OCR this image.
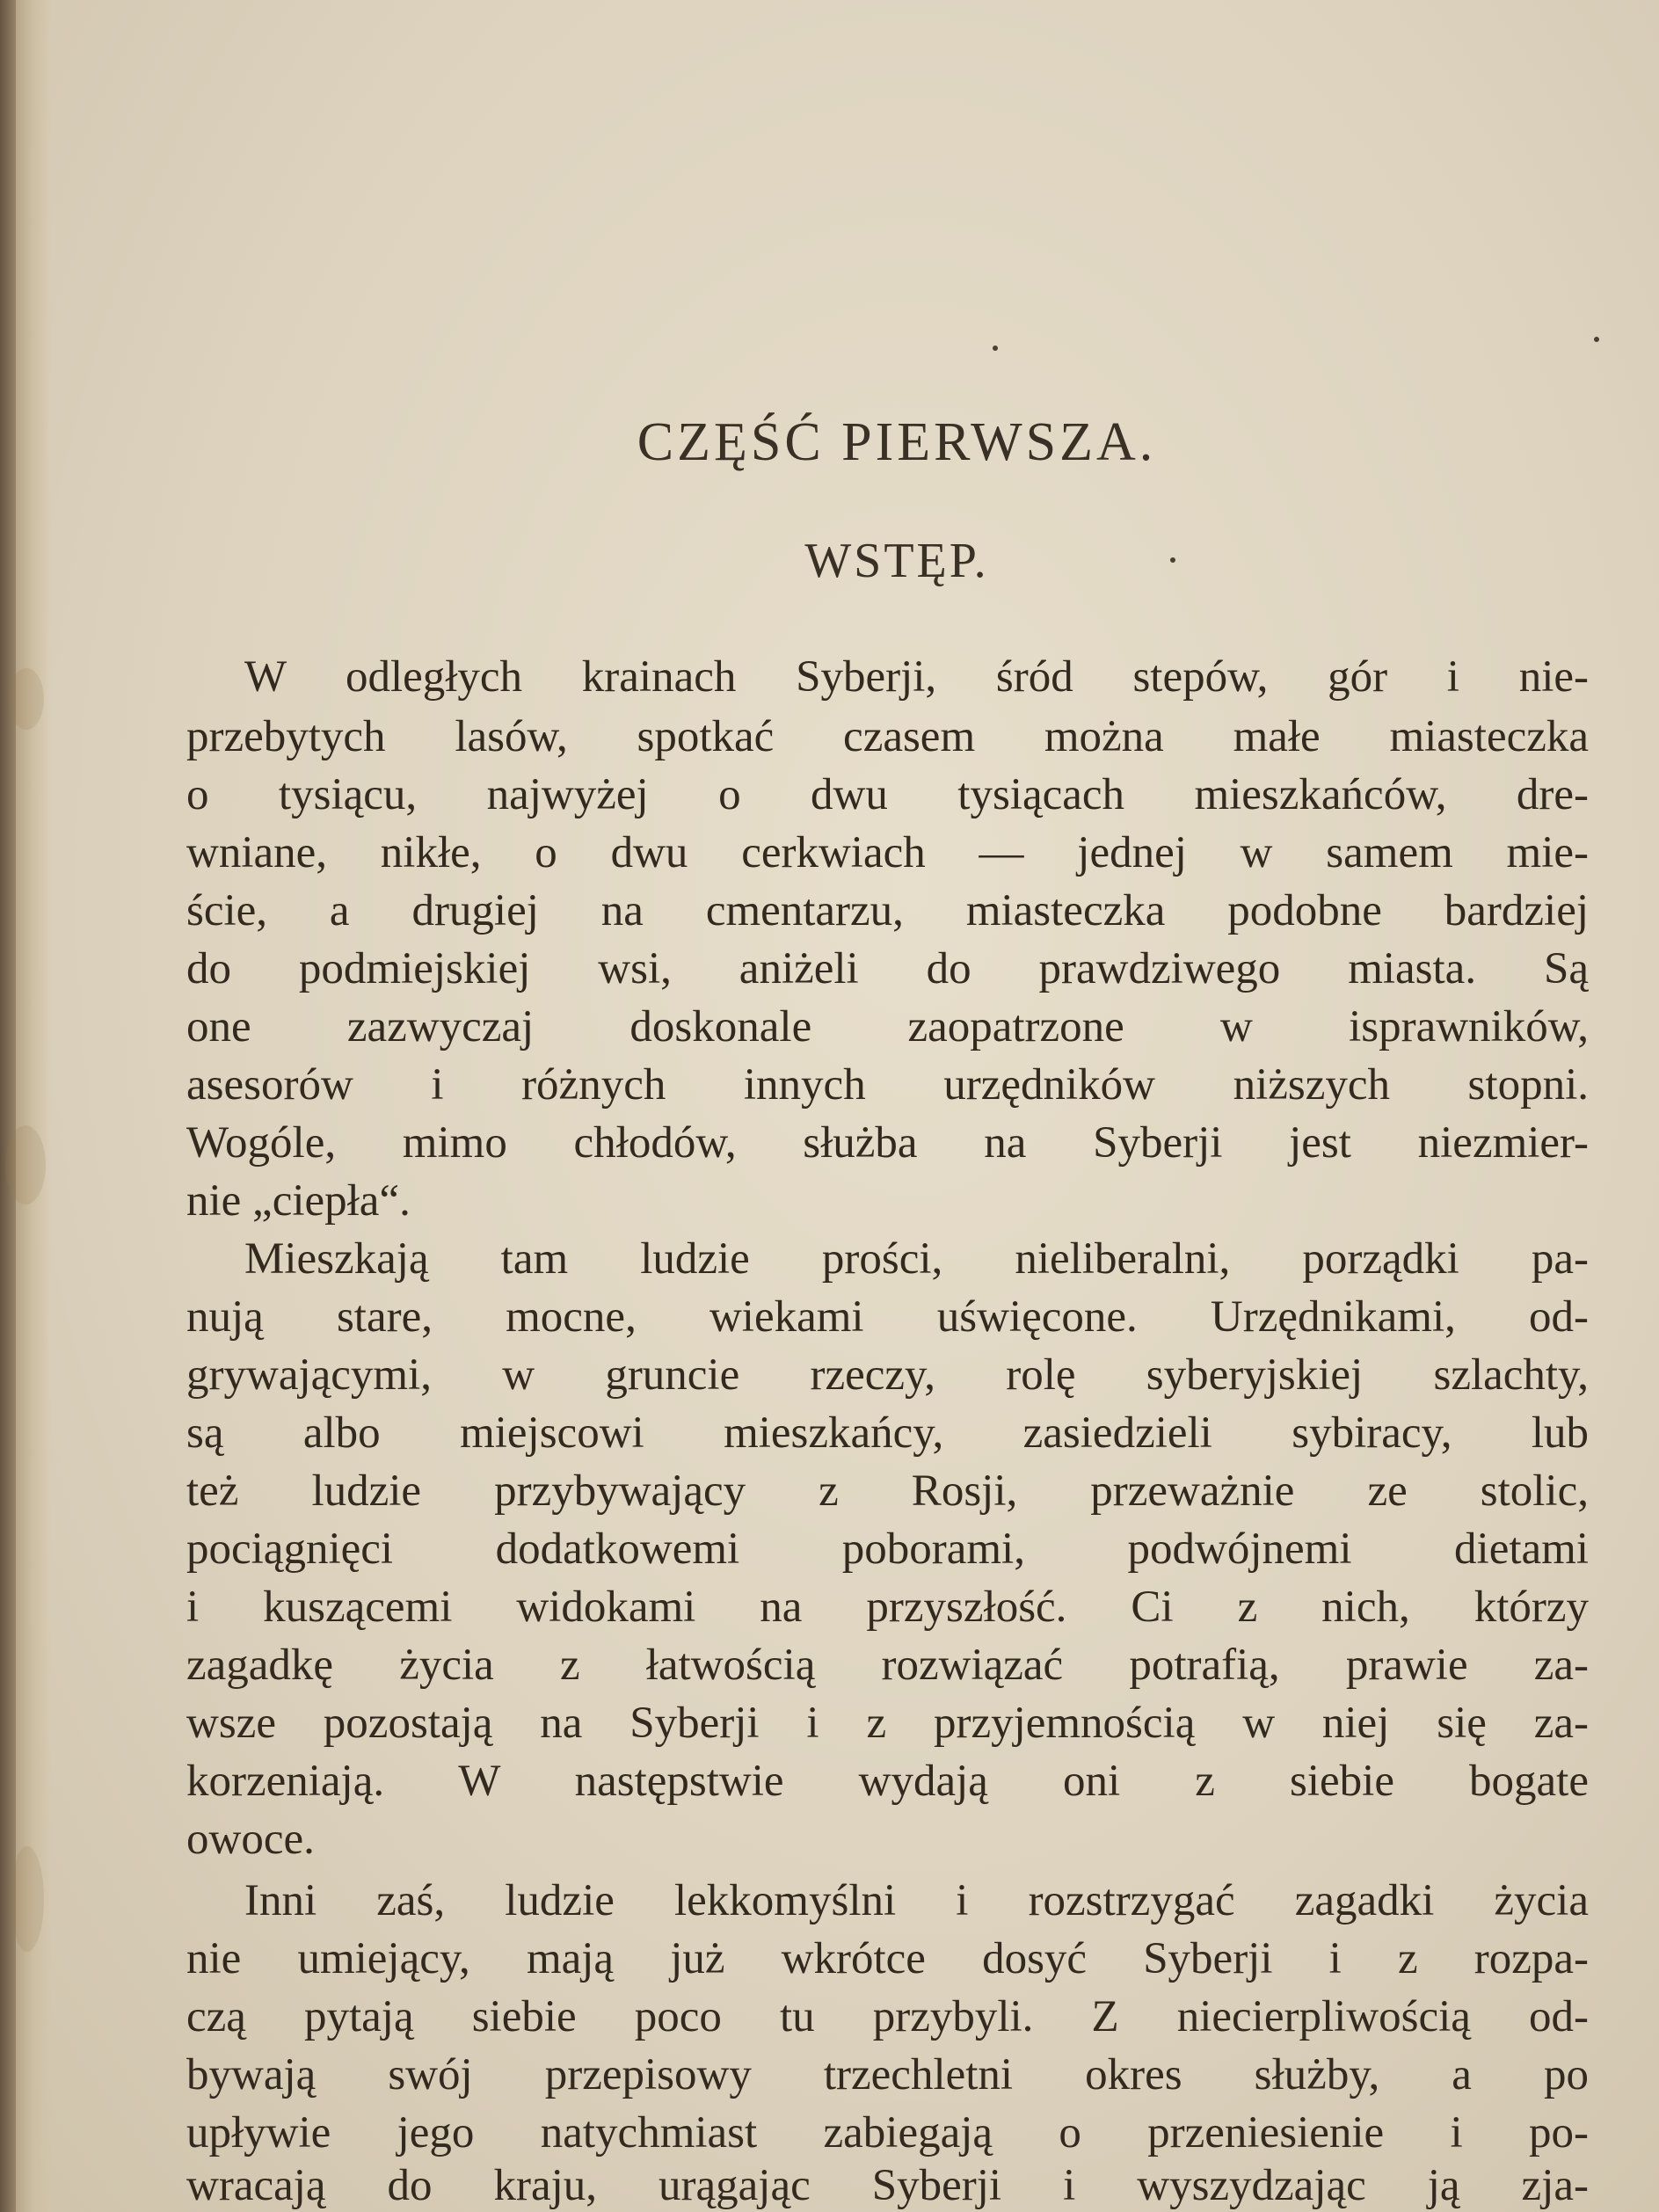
CZĘŚĆ PIERWSZA.
WSTĘP.
W odległych krainach Syberji, śród stepów, gór i nie-
przebytych lasów, spotkać czasem można małe miasteczka
o tysiącu, najwyżej o dwu tysiącach mieszkańców, dre-
wniane, nikłe, o dwu cerkwiach — jednej w samem mie-
ście, a drugiej na cmentarzu, miasteczka podobne bardziej
do podmiejskiej wsi, aniżeli do prawdziwego miasta. Są
one zazwyczaj doskonale zaopatrzone w isprawników,
asesorów i różnych innych urzędników niższych stopni.
Wogóle, mimo chłodów, służba na Syberji jest niezmier-
nie „ciepła“.
Mieszkają tam ludzie prości, nieliberalni, porządki pa-
nują stare, mocne, wiekami uświęcone. Urzędnikami, od-
grywającymi, w gruncie rzeczy, rolę syberyjskiej szlachty,
są albo miejscowi mieszkańcy, zasiedzieli sybiracy, lub
też ludzie przybywający z Rosji, przeważnie ze stolic,
pociągnięci dodatkowemi poborami, podwójnemi dietami
i kuszącemi widokami na przyszłość. Ci z nich, którzy
zagadkę życia z łatwością rozwiązać potrafią, prawie za-
wsze pozostają na Syberji i z przyjemnością w niej się za-
korzeniają. W następstwie wydają oni z siebie bogate
owoce.
Inni zaś, ludzie lekkomyślni i rozstrzygać zagadki życia
nie umiejący, mają już wkrótce dosyć Syberji i z rozpa-
czą pytają siebie poco tu przybyli. Z niecierpliwością od-
bywają swój przepisowy trzechletni okres służby, a po
upływie jego natychmiast zabiegają o przeniesienie i po-
wracają do kraju, urągając Syberji i wyszydzając ją zja-
